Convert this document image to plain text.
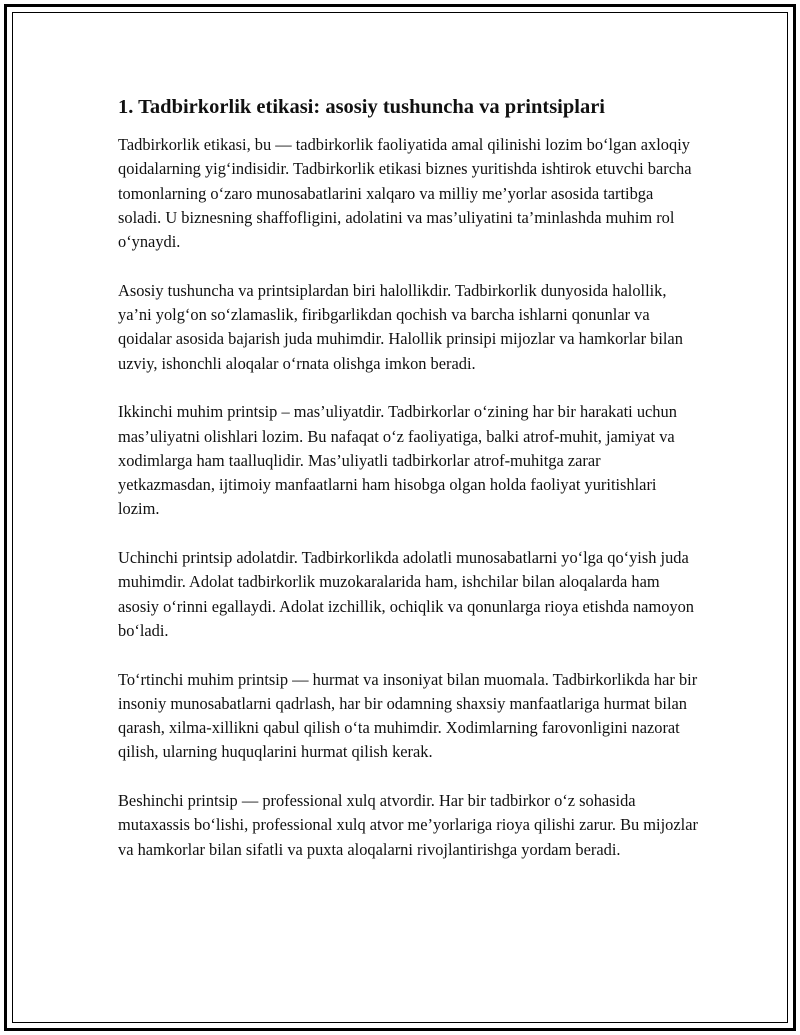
1. Tadbirkorlik etikasi: asosiy tushuncha va printsiplari

Tadbirkorlik etikasi, bu — tadbirkorlik faoliyatida amal qilinishi lozim bo‘lgan axloqiy qoidalarning yig‘indisidir. Tadbirkorlik etikasi biznes yuritishda ishtirok etuvchi barcha tomonlarning o‘zaro munosabatlarini xalqaro va milliy me’yorlar asosida tartibga soladi. U biznesning shaffofligini, adolatini va mas’uliyatini ta’minlashda muhim rol o‘ynaydi.

Asosiy tushuncha va printsiplardan biri halollikdir. Tadbirkorlik dunyosida halollik, ya’ni yolg‘on so‘zlamaslik, firibgarlikdan qochish va barcha ishlarni qonunlar va qoidalar asosida bajarish juda muhimdir. Halollik prinsipi mijozlar va hamkorlar bilan uzviy, ishonchli aloqalar o‘rnata olishga imkon beradi.

Ikkinchi muhim printsip – mas’uliyatdir. Tadbirkorlar o‘zining har bir harakati uchun mas’uliyatni olishlari lozim. Bu nafaqat o‘z faoliyatiga, balki atrof-muhit, jamiyat va xodimlarga ham taalluqlidir. Mas’uliyatli tadbirkorlar atrof-muhitga zarar yetkazmasdan, ijtimoiy manfaatlarni ham hisobga olgan holda faoliyat yuritishlari lozim.

Uchinchi printsip adolatdir. Tadbirkorlikda adolatli munosabatlarni yo‘lga qo‘yish juda muhimdir. Adolat tadbirkorlik muzokaralarida ham, ishchilar bilan aloqalarda ham asosiy o‘rinni egallaydi. Adolat izchillik, ochiqlik va qonunlarga rioya etishda namoyon bo‘ladi.

To‘rtinchi muhim printsip — hurmat va insoniyat bilan muomala. Tadbirkorlikda har bir insoniy munosabatlarni qadrlash, har bir odamning shaxsiy manfaatlariga hurmat bilan qarash, xilma-xillikni qabul qilish o‘ta muhimdir. Xodimlarning farovonligini nazorat qilish, ularning huquqlarini hurmat qilish kerak.

Beshinchi printsip — professional xulq atvordir. Har bir tadbirkor o‘z sohasida mutaxassis bo‘lishi, professional xulq atvor me’yorlariga rioya qilishi zarur. Bu mijozlar va hamkorlar bilan sifatli va puxta aloqalarni rivojlantirishga yordam beradi.
